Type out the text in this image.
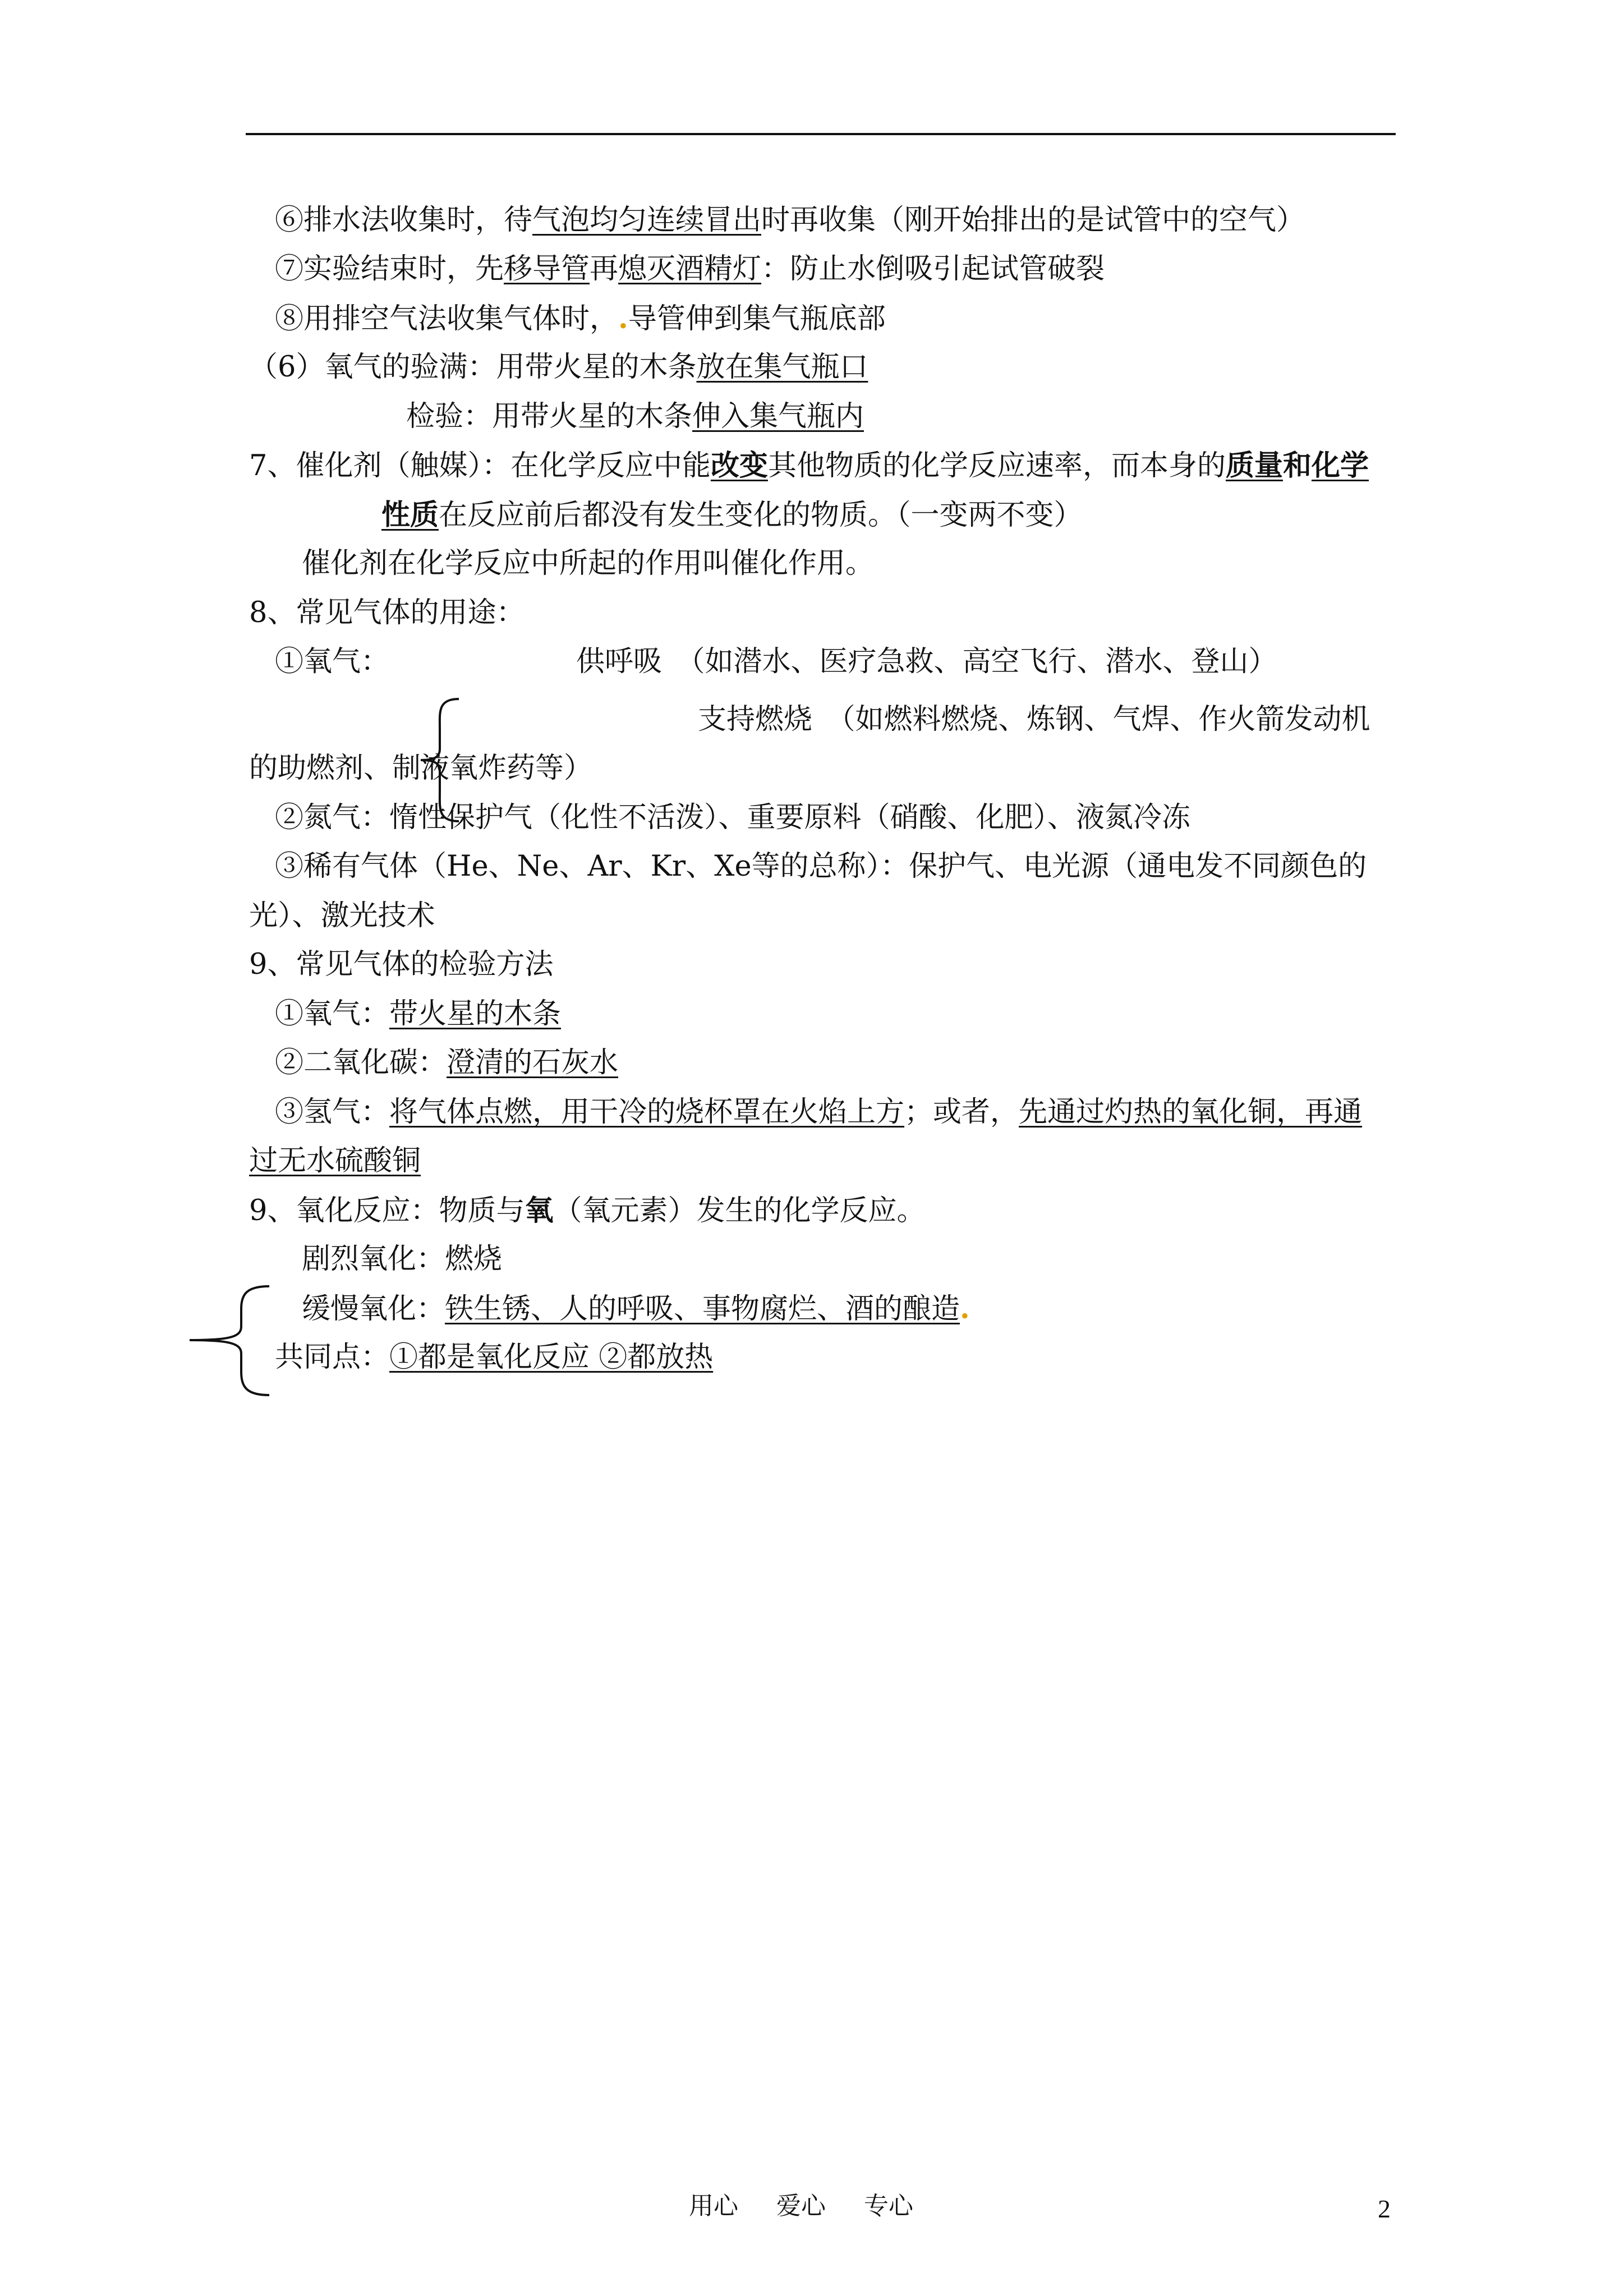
⑥排水法收集时，待气泡均匀连续冒出时再收集（刚开始排出的是试管中的空气）
⑦实验结束时，先移导管再熄灭酒精灯：防止水倒吸引起试管破裂
⑧用排空气法收集气体时，.导管伸到集气瓶底部
（6）氧气的验满：用带火星的木条放在集气瓶口
检验：用带火星的木条伸入集气瓶内
7、催化剂（触媒）：在化学反应中能改变其他物质的化学反应速率，而本身的质量和化学
性质在反应前后都没有发生变化的物质。（一变两不变）
催化剂在化学反应中所起的作用叫催化作用。
8、常见气体的用途：
①氧气：	供呼吸　（如潜水、医疗急救、高空飞行、潜水、登山）
支持燃烧　（如燃料燃烧、炼钢、气焊、作火箭发动机
的助燃剂、制液氧炸药等）
②氮气：惰性保护气（化性不活泼）、重要原料（硝酸、化肥）、液氮冷冻
③稀有气体（He、Ne、Ar、Kr、Xe等的总称）：保护气、电光源（通电发不同颜色的
光）、激光技术
9、常见气体的检验方法
①氧气：带火星的木条
②二氧化碳：澄清的石灰水
③氢气：将气体点燃，用干冷的烧杯罩在火焰上方；或者，先通过灼热的氧化铜，再通
过无水硫酸铜
9、氧化反应：物质与氧（氧元素）发生的化学反应。
剧烈氧化：燃烧
缓慢氧化：铁生锈、人的呼吸、事物腐烂、酒的酿造.
共同点：①都是氧化反应 ②都放热
用心 爱心 专心	2
